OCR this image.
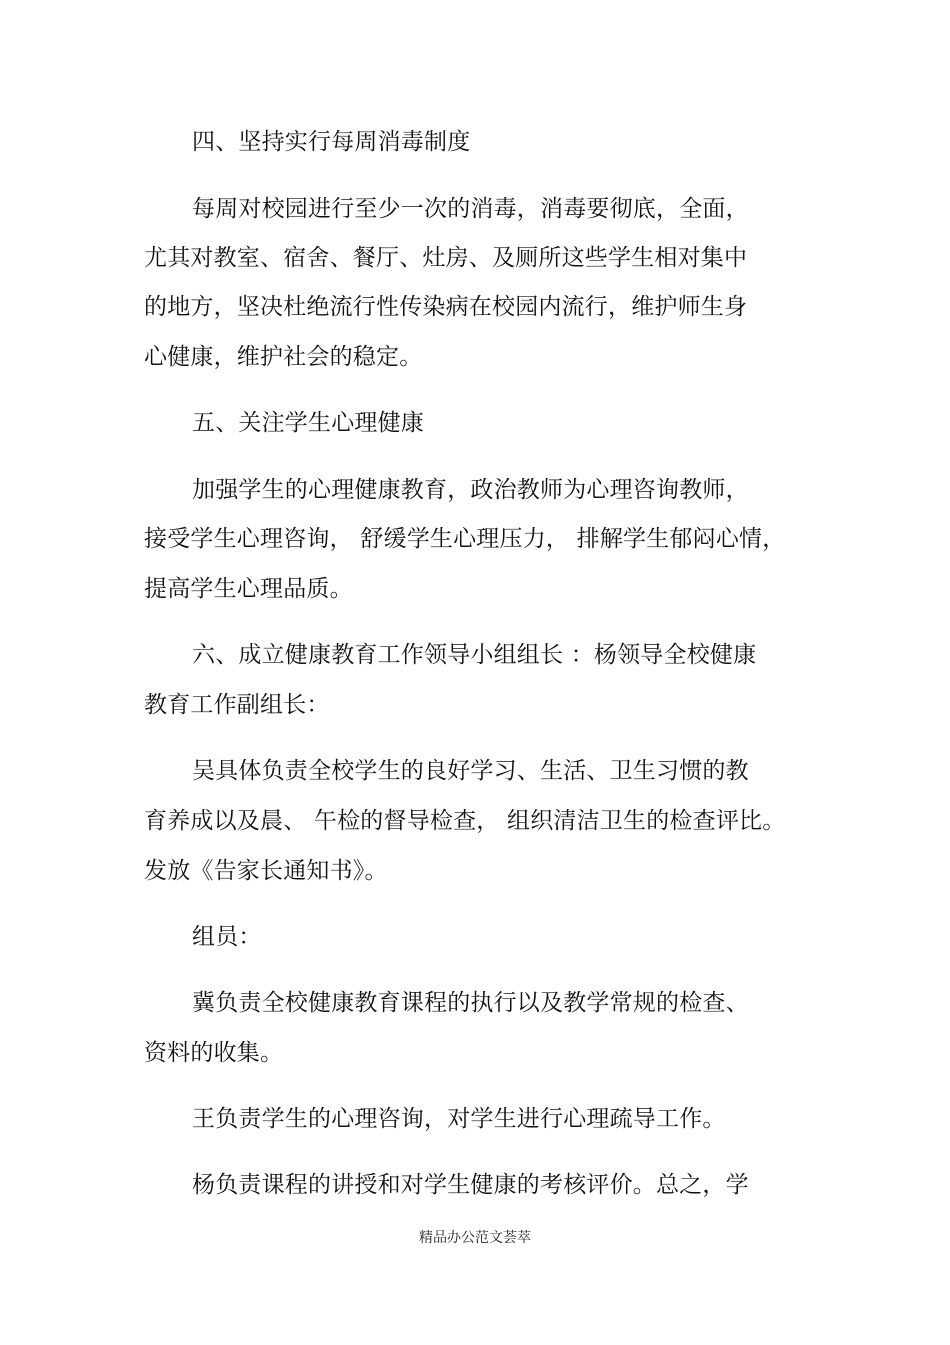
四、坚持实行每周消毒制度
每周对校园进行至少一次的消毒，消毒要彻底，全面，
尤其对教室、宿舍、餐厅、灶房、及厕所这些学生相对集中
的地方，坚决杜绝流行性传染病在校园内流行，维护师生身
心健康，维护社会的稳定。
五、关注学生心理健康
加强学生的心理健康教育，政治教师为心理咨询教师，
接受学生心理咨询， 舒缓学生心理压力， 排解学生郁闷心情，
提高学生心理品质。
六、成立健康教育工作领导小组组长 ：杨领导全校健康
教育工作副组长：
吴具体负责全校学生的良好学习、生活、卫生习惯的教
育养成以及晨、 午检的督导检查， 组织清洁卫生的检查评比。
发放《告家长通知书》。
组员：
冀负责全校健康教育课程的执行以及教学常规的检查、
资料的收集。
王负责学生的心理咨询，对学生进行心理疏导工作。
杨负责课程的讲授和对学生健康的考核评价。总之，学
精品办公范文荟萃
